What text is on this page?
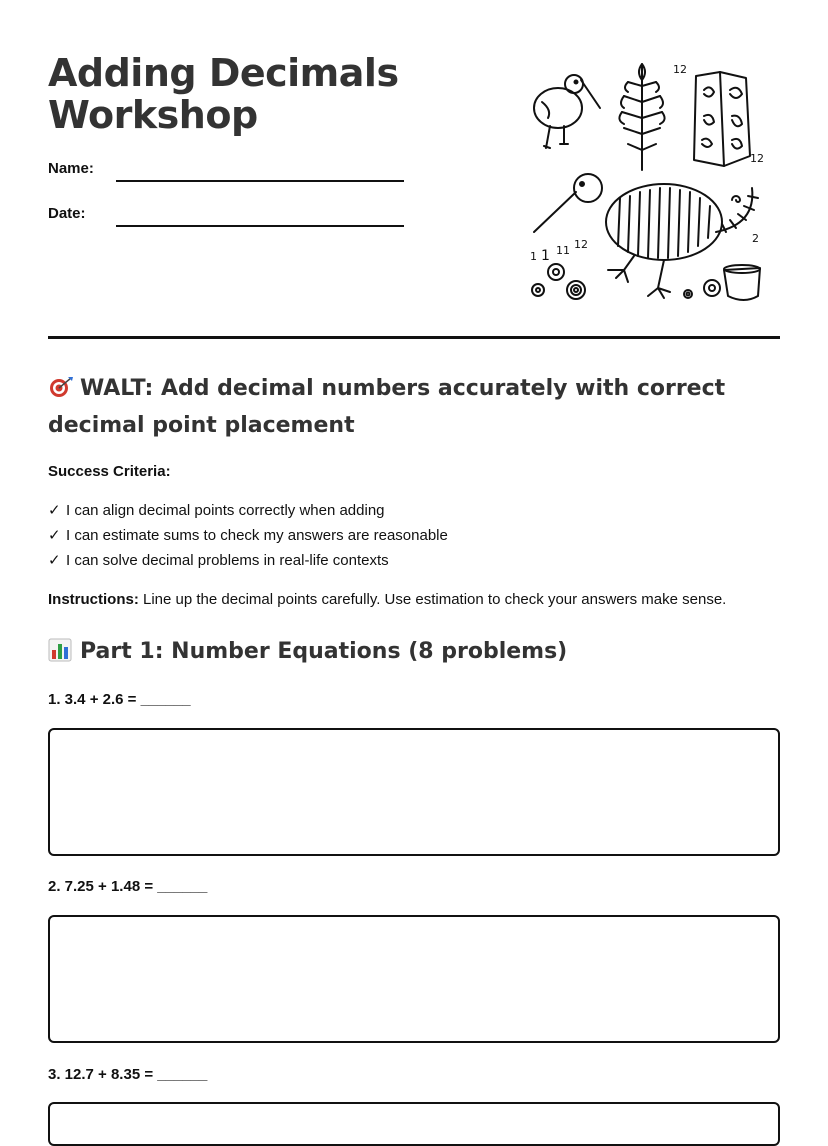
Adding Decimals
Workshop
Name:
Date:
12
12
2
11 12
1 1
WALT: Add decimal numbers accurately with correct decimal point placement
Success Criteria:
✓ I can align decimal points correctly when adding
✓ I can estimate sums to check my answers are reasonable
✓ I can solve decimal problems in real-life contexts
Instructions: Line up the decimal points carefully. Use estimation to check your answers make sense.
Part 1: Number Equations (8 problems)
1. 3.4 + 2.6 = ______
2. 7.25 + 1.48 = ______
3. 12.7 + 8.35 = ______
